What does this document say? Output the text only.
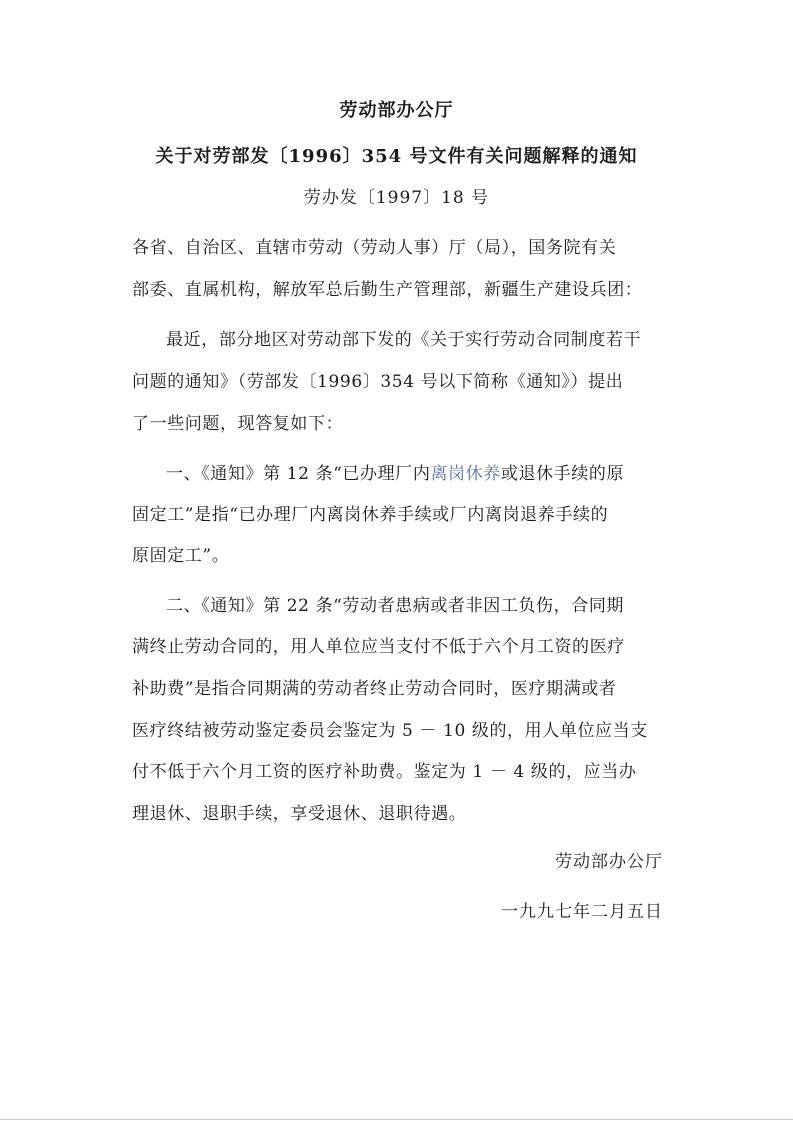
劳动部办公厅
关于对劳部发〔1996〕354 号文件有关问题解释的通知
劳办发〔1997〕18 号
各省、自治区、直辖市劳动（劳动人事）厅（局），国务院有关
部委、直属机构，解放军总后勤生产管理部，新疆生产建设兵团：
最近，部分地区对劳动部下发的《关于实行劳动合同制度若干
问题的通知》（劳部发〔1996〕354 号以下简称《通知》）提出
了一些问题，现答复如下：
一、《通知》第 12 条“已办理厂内离岗休养或退休手续的原
固定工”是指“已办理厂内离岗休养手续或厂内离岗退养手续的
原固定工”。
二、《通知》第 22 条“劳动者患病或者非因工负伤，合同期
满终止劳动合同的，用人单位应当支付不低于六个月工资的医疗
补助费”是指合同期满的劳动者终止劳动合同时，医疗期满或者
医疗终结被劳动鉴定委员会鉴定为 5 － 10 级的，用人单位应当支
付不低于六个月工资的医疗补助费。鉴定为 1 － 4 级的，应当办
理退休、退职手续，享受退休、退职待遇。
劳动部办公厅
一九九七年二月五日
